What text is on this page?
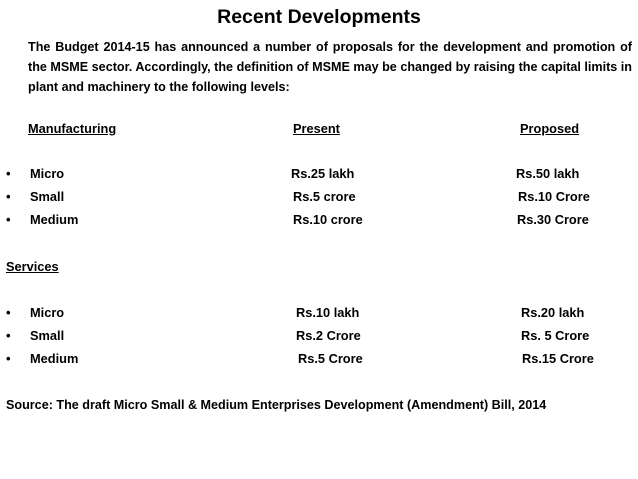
Recent Developments
The Budget 2014-15 has announced a number of proposals for the development and promotion of the MSME sector. Accordingly, the definition of MSME may be changed by raising the capital limits in plant and machinery to the following levels:
Manufacturing	Present	Proposed
• Micro	Rs.25 lakh	Rs.50 lakh
• Small	Rs.5 crore	Rs.10 Crore
• Medium	Rs.10 crore	Rs.30 Crore
Services
• Micro	Rs.10 lakh	Rs.20 lakh
• Small	Rs.2 Crore	Rs. 5 Crore
• Medium	Rs.5 Crore	Rs.15 Crore
Source: The draft Micro Small & Medium Enterprises Development (Amendment) Bill, 2014
